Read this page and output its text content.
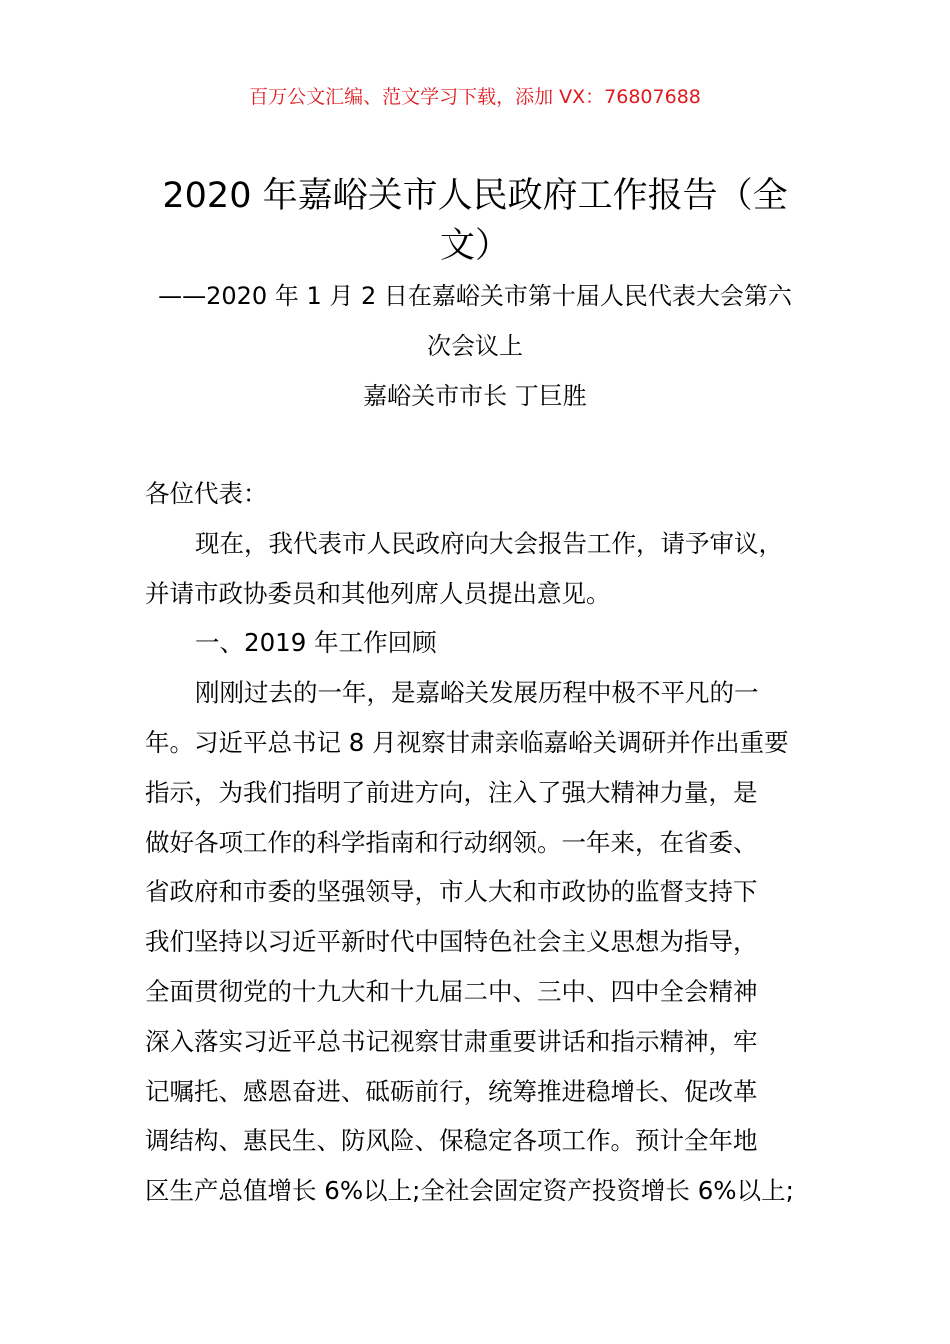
百万公文汇编、范文学习下载，添加 VX：76807688
2020 年嘉峪关市人民政府工作报告（全
文）
——2020 年 1 月 2 日在嘉峪关市第十届人民代表大会第六
次会议上
嘉峪关市市长 丁巨胜
各位代表：
现在，我代表市人民政府向大会报告工作，请予审议，
并请市政协委员和其他列席人员提出意见。
一、2019 年工作回顾
刚刚过去的一年，是嘉峪关发展历程中极不平凡的一
年。习近平总书记 8 月视察甘肃亲临嘉峪关调研并作出重要
指示，为我们指明了前进方向，注入了强大精神力量，是
做好各项工作的科学指南和行动纲领。一年来，在省委、
省政府和市委的坚强领导，市人大和市政协的监督支持下
我们坚持以习近平新时代中国特色社会主义思想为指导，
全面贯彻党的十九大和十九届二中、三中、四中全会精神
深入落实习近平总书记视察甘肃重要讲话和指示精神，牢
记嘱托、感恩奋进、砥砺前行，统筹推进稳增长、促改革
调结构、惠民生、防风险、保稳定各项工作。预计全年地
区生产总值增长 6%以上;全社会固定资产投资增长 6%以上;
